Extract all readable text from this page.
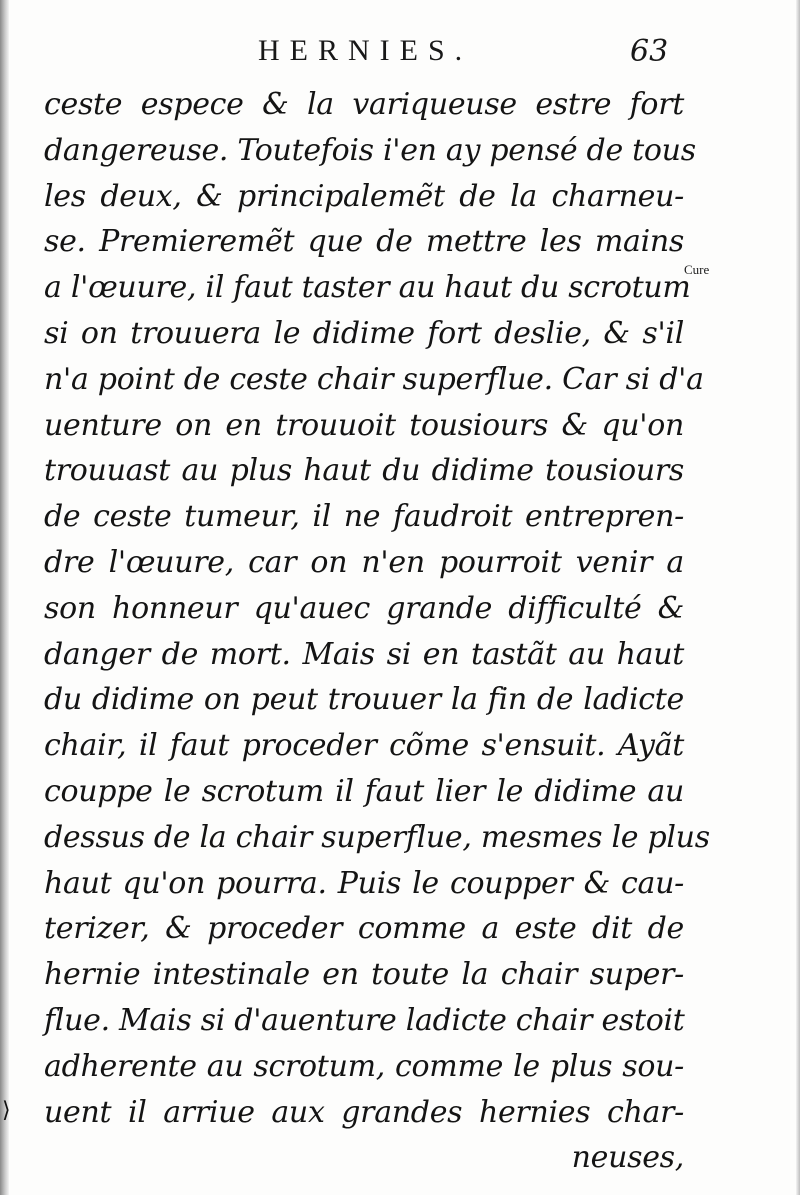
HERNIES.	63
Cure
ceste espece & la variqueuse estre fort
dangereuse. Toutefois i'en ay pensé de tous
les deux, & principalemẽt de la charneu-
se. Premieremẽt que de mettre les mains
a l'œuure, il faut taster au haut du scrotum
si on trouuera le didime fort deslie, & s'il
n'a point de ceste chair superflue. Car si d'a
uenture on en trouuoit tousiours & qu'on
trouuast au plus haut du didime tousiours
de ceste tumeur, il ne faudroit entrepren-
dre l'œuure, car on n'en pourroit venir a
son honneur qu'auec grande difficulté &
danger de mort. Mais si en tastãt au haut
du didime on peut trouuer la fin de ladicte
chair, il faut proceder cõme s'ensuit. Ayãt
couppe le scrotum il faut lier le didime au
dessus de la chair superflue, mesmes le plus
haut qu'on pourra. Puis le coupper & cau-
terizer, & proceder comme a este dit de
hernie intestinale en toute la chair super-
flue. Mais si d'auenture ladicte chair estoit
adherente au scrotum, comme le plus sou-
uent il arriue aux grandes hernies char-
neuses,
⟩
